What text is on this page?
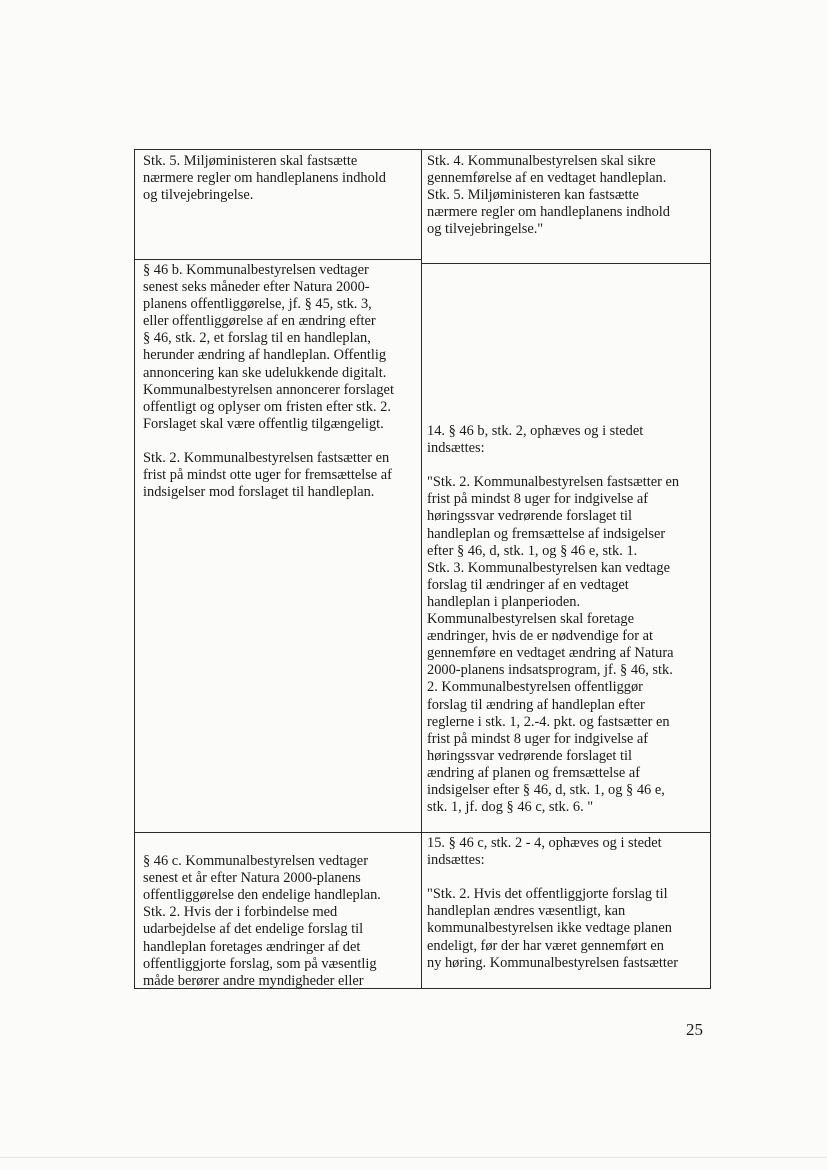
Stk. 5. Miljøministeren skal fastsætte
nærmere regler om handleplanens indhold
og tilvejebringelse.

Stk. 4. Kommunalbestyrelsen skal sikre
gennemførelse af en vedtaget handleplan.
Stk. 5. Miljøministeren kan fastsætte
nærmere regler om handleplanens indhold
og tilvejebringelse."

§ 46 b. Kommunalbestyrelsen vedtager
senest seks måneder efter Natura 2000-
planens offentliggørelse, jf. § 45, stk. 3,
eller offentliggørelse af en ændring efter
§ 46, stk. 2, et forslag til en handleplan,
herunder ændring af handleplan. Offentlig
annoncering kan ske udelukkende digitalt.
Kommunalbestyrelsen annoncerer forslaget
offentligt og oplyser om fristen efter stk. 2.
Forslaget skal være offentlig tilgængeligt.

Stk. 2. Kommunalbestyrelsen fastsætter en
frist på mindst otte uger for fremsættelse af
indsigelser mod forslaget til handleplan.

14. § 46 b, stk. 2, ophæves og i stedet
indsættes:

"Stk. 2. Kommunalbestyrelsen fastsætter en
frist på mindst 8 uger for indgivelse af
høringssvar vedrørende forslaget til
handleplan og fremsættelse af indsigelser
efter § 46, d, stk. 1, og § 46 e, stk. 1.
Stk. 3. Kommunalbestyrelsen kan vedtage
forslag til ændringer af en vedtaget
handleplan i planperioden.
Kommunalbestyrelsen skal foretage
ændringer, hvis de er nødvendige for at
gennemføre en vedtaget ændring af Natura
2000-planens indsatsprogram, jf. § 46, stk.
2. Kommunalbestyrelsen offentliggør
forslag til ændring af handleplan efter
reglerne i stk. 1, 2.-4. pkt. og fastsætter en
frist på mindst 8 uger for indgivelse af
høringssvar vedrørende forslaget til
ændring af planen og fremsættelse af
indsigelser efter § 46, d, stk. 1, og § 46 e,
stk. 1, jf. dog § 46 c, stk. 6. "

§ 46 c. Kommunalbestyrelsen vedtager
senest et år efter Natura 2000-planens
offentliggørelse den endelige handleplan.
Stk. 2. Hvis der i forbindelse med
udarbejdelse af det endelige forslag til
handleplan foretages ændringer af det
offentliggjorte forslag, som på væsentlig
måde berører andre myndigheder eller

15. § 46 c, stk. 2 - 4, ophæves og i stedet
indsættes:

"Stk. 2. Hvis det offentliggjorte forslag til
handleplan ændres væsentligt, kan
kommunalbestyrelsen ikke vedtage planen
endeligt, før der har været gennemført en
ny høring. Kommunalbestyrelsen fastsætter

25
